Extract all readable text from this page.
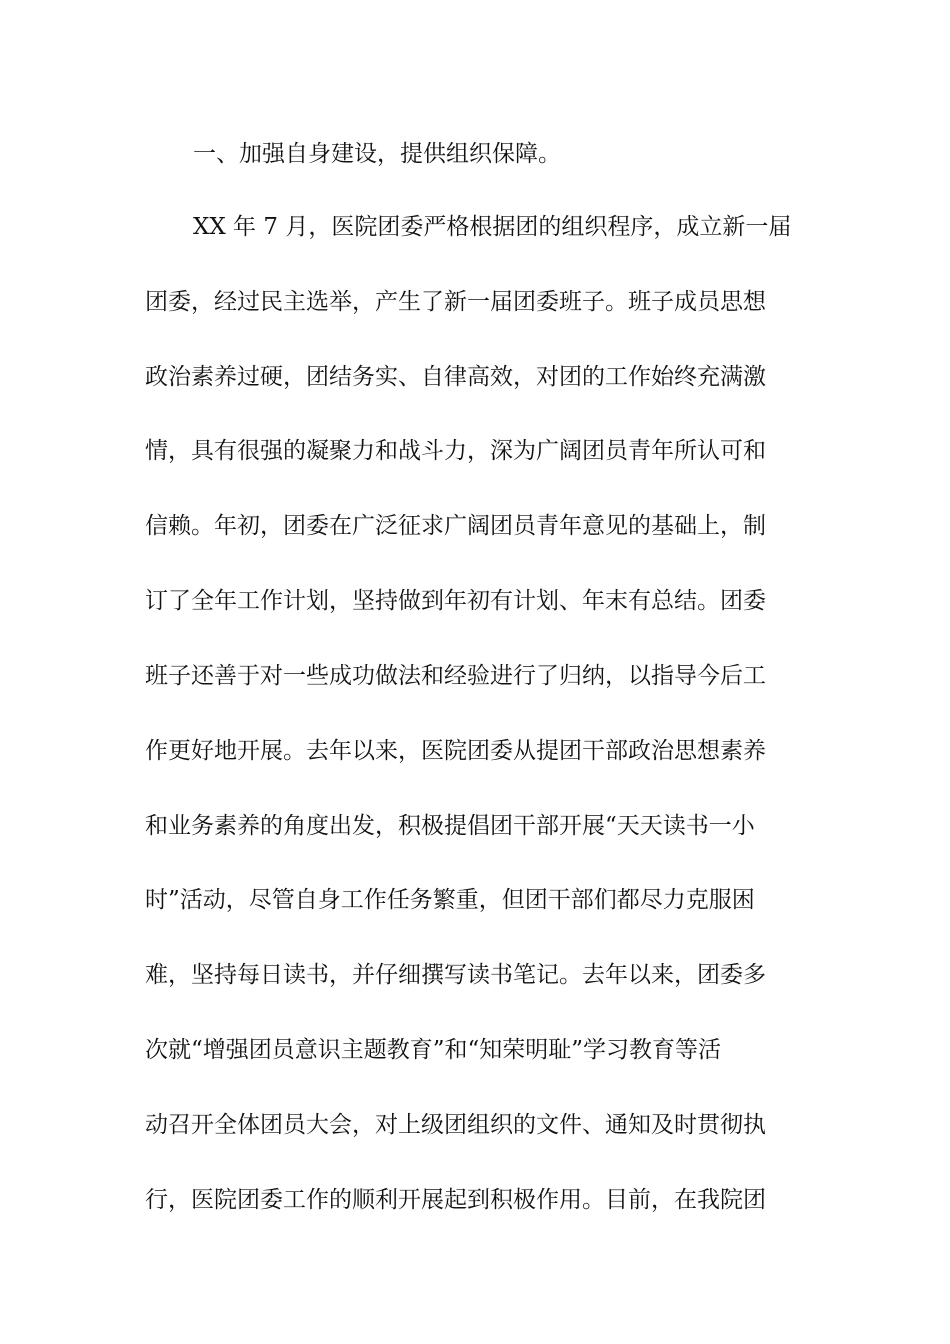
一、加强自身建设，提供组织保障。
XX 年 7 月，医院团委严格根据团的组织程序，成立新一届
团委，经过民主选举，产生了新一届团委班子。班子成员思想
政治素养过硬，团结务实、自律高效，对团的工作始终充满激
情，具有很强的凝聚力和战斗力，深为广阔团员青年所认可和
信赖。年初，团委在广泛征求广阔团员青年意见的基础上，制
订了全年工作计划，坚持做到年初有计划、年末有总结。团委
班子还善于对一些成功做法和经验进行了归纳，以指导今后工
作更好地开展。去年以来，医院团委从提团干部政治思想素养
和业务素养的角度出发，积极提倡团干部开展“天天读书一小
时”活动，尽管自身工作任务繁重，但团干部们都尽力克服困
难，坚持每日读书，并仔细撰写读书笔记。去年以来，团委多
次就“增强团员意识主题教育”和“知荣明耻”学习教育等活
动召开全体团员大会，对上级团组织的文件、通知及时贯彻执
行，医院团委工作的顺利开展起到积极作用。目前，在我院团
